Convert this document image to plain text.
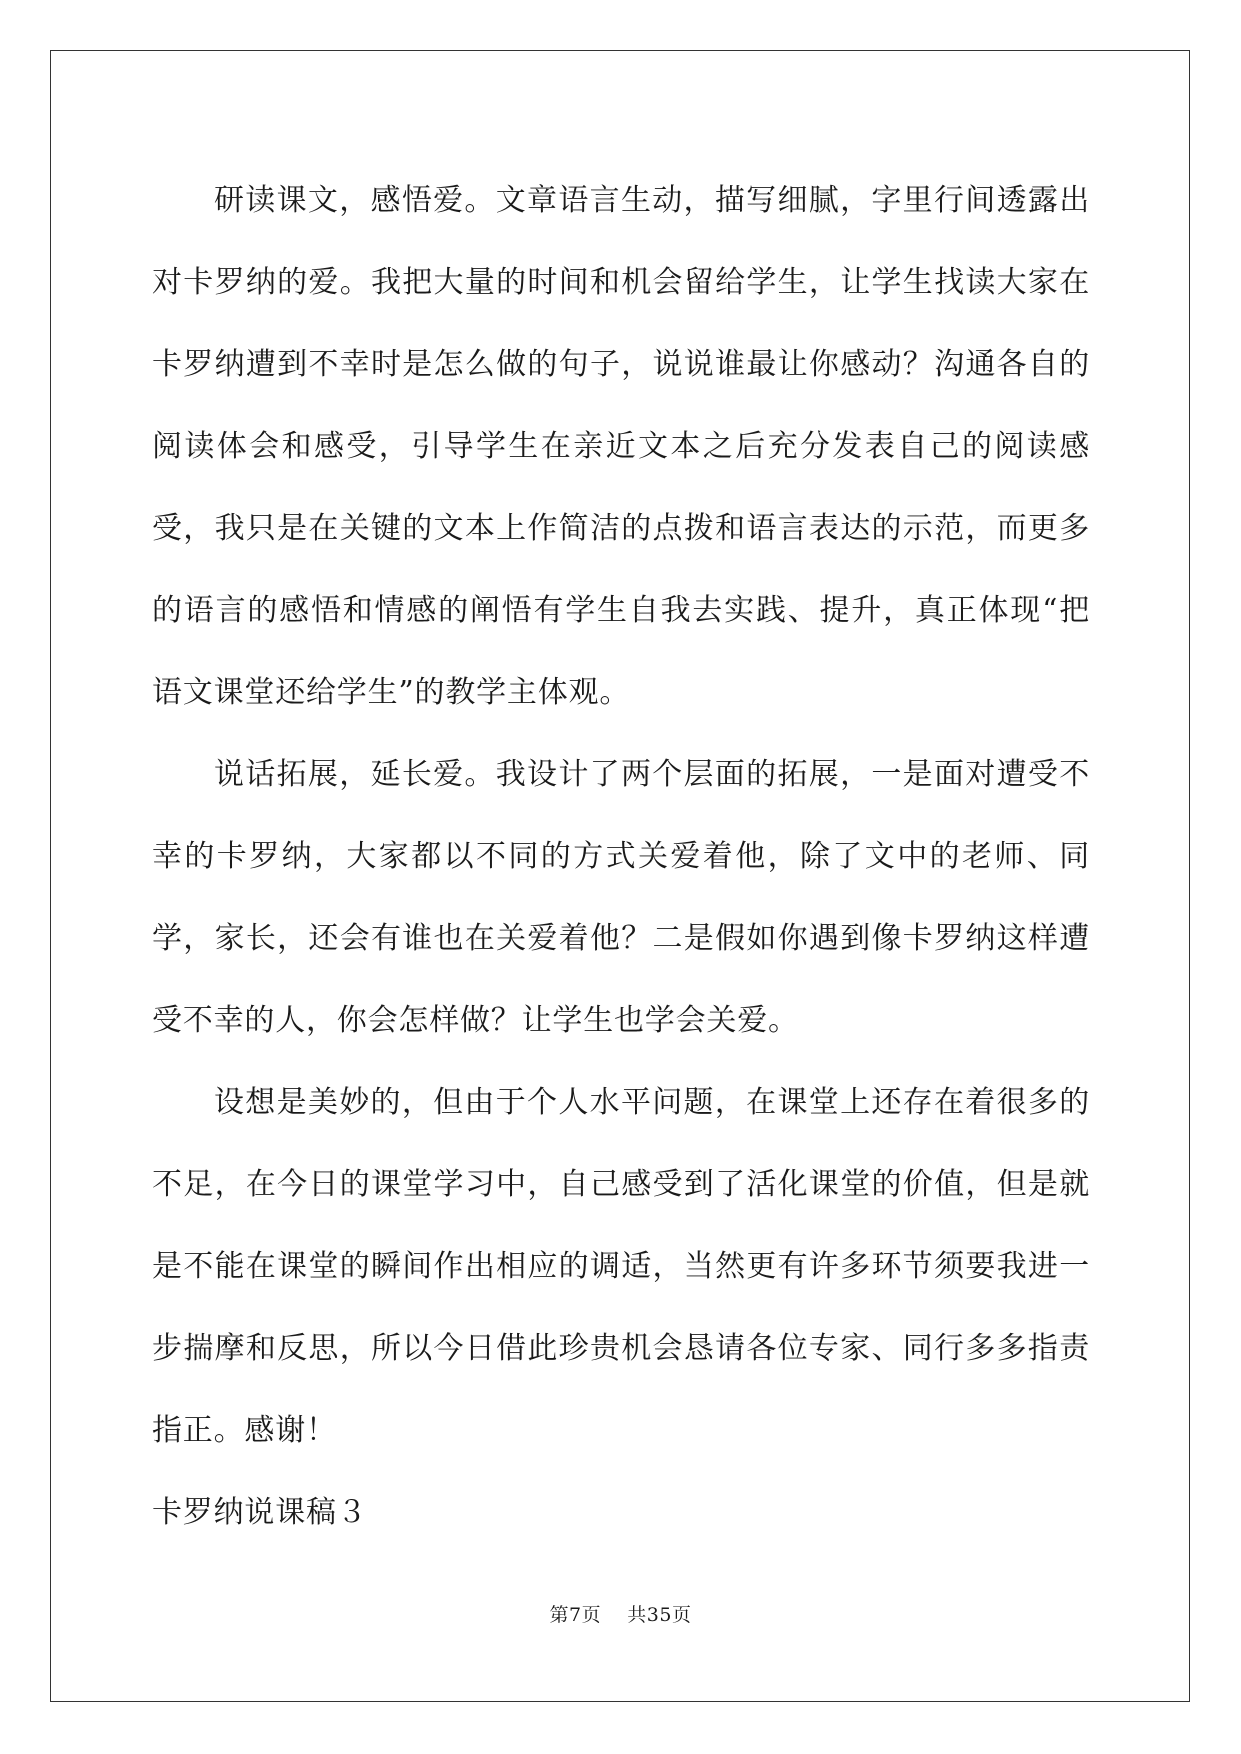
研读课文，感悟爱。文章语言生动，描写细腻，字里行间透露出对卡罗纳的爱。我把大量的时间和机会留给学生，让学生找读大家在卡罗纳遭到不幸时是怎么做的句子，说说谁最让你感动？沟通各自的阅读体会和感受，引导学生在亲近文本之后充分发表自己的阅读感受，我只是在关键的文本上作简洁的点拨和语言表达的示范，而更多的语言的感悟和情感的阐悟有学生自我去实践、提升，真正体现“把语文课堂还给学生”的教学主体观。

说话拓展，延长爱。我设计了两个层面的拓展，一是面对遭受不幸的卡罗纳，大家都以不同的方式关爱着他，除了文中的老师、同学，家长，还会有谁也在关爱着他？二是假如你遇到像卡罗纳这样遭受不幸的人，你会怎样做？让学生也学会关爱。

设想是美妙的，但由于个人水平问题，在课堂上还存在着很多的不足，在今日的课堂学习中，自己感受到了活化课堂的价值，但是就是不能在课堂的瞬间作出相应的调适，当然更有许多环节须要我进一步揣摩和反思，所以今日借此珍贵机会恳请各位专家、同行多多指责指正。感谢！

卡罗纳说课稿３

第7页 共35页
